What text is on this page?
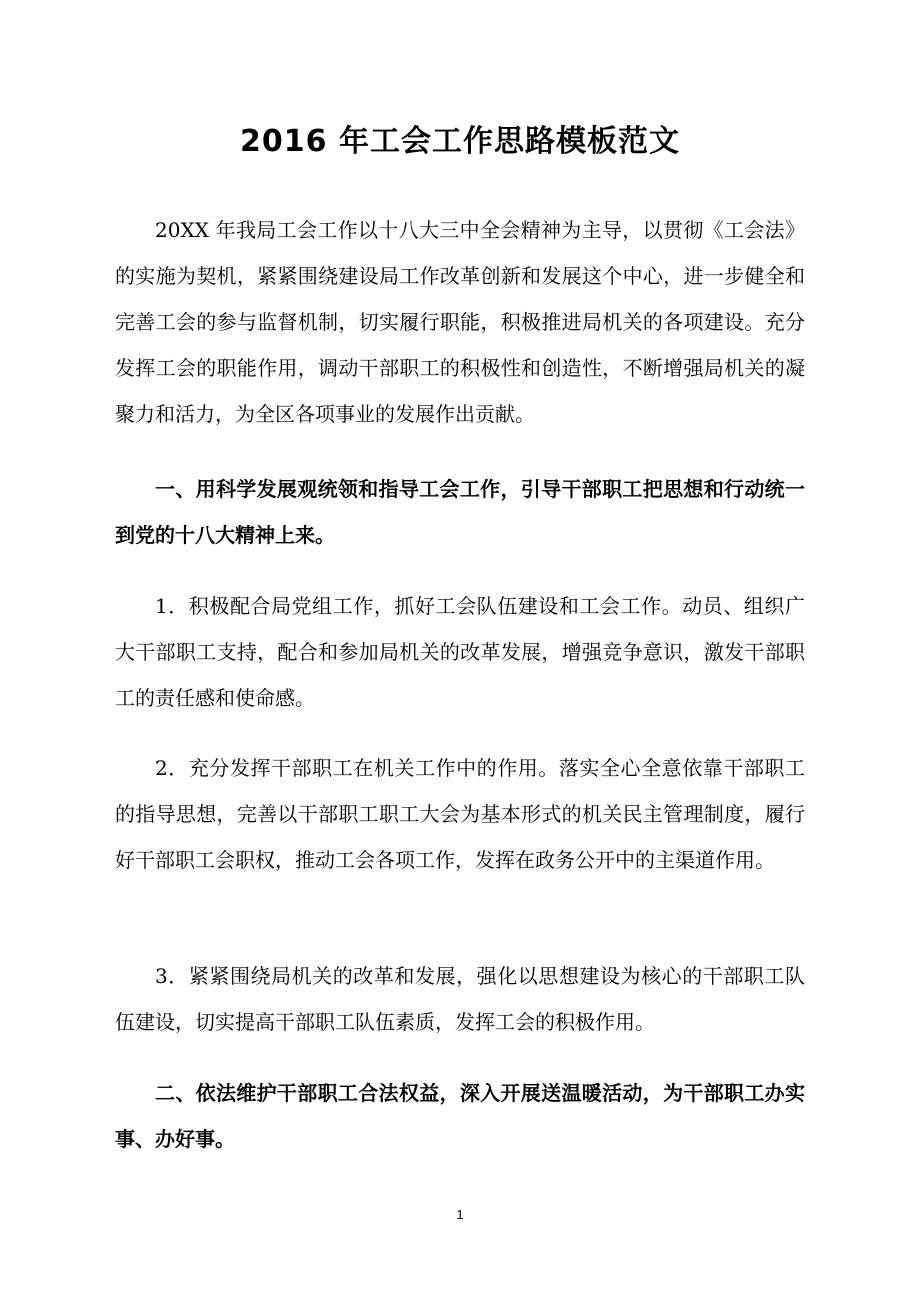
2016 年工会工作思路模板范文

20XX 年我局工会工作以十八大三中全会精神为主导，以贯彻《工会法》的实施为契机，紧紧围绕建设局工作改革创新和发展这个中心，进一步健全和完善工会的参与监督机制，切实履行职能，积极推进局机关的各项建设。充分发挥工会的职能作用，调动干部职工的积极性和创造性，不断增强局机关的凝聚力和活力，为全区各项事业的发展作出贡献。

一、用科学发展观统领和指导工会工作，引导干部职工把思想和行动统一到党的十八大精神上来。

1．积极配合局党组工作，抓好工会队伍建设和工会工作。动员、组织广大干部职工支持，配合和参加局机关的改革发展，增强竞争意识，激发干部职工的责任感和使命感。

2．充分发挥干部职工在机关工作中的作用。落实全心全意依靠干部职工的指导思想，完善以干部职工职工大会为基本形式的机关民主管理制度，履行好干部职工会职权，推动工会各项工作，发挥在政务公开中的主渠道作用。

3．紧紧围绕局机关的改革和发展，强化以思想建设为核心的干部职工队伍建设，切实提高干部职工队伍素质，发挥工会的积极作用。

二、依法维护干部职工合法权益，深入开展送温暖活动，为干部职工办实事、办好事。

1
